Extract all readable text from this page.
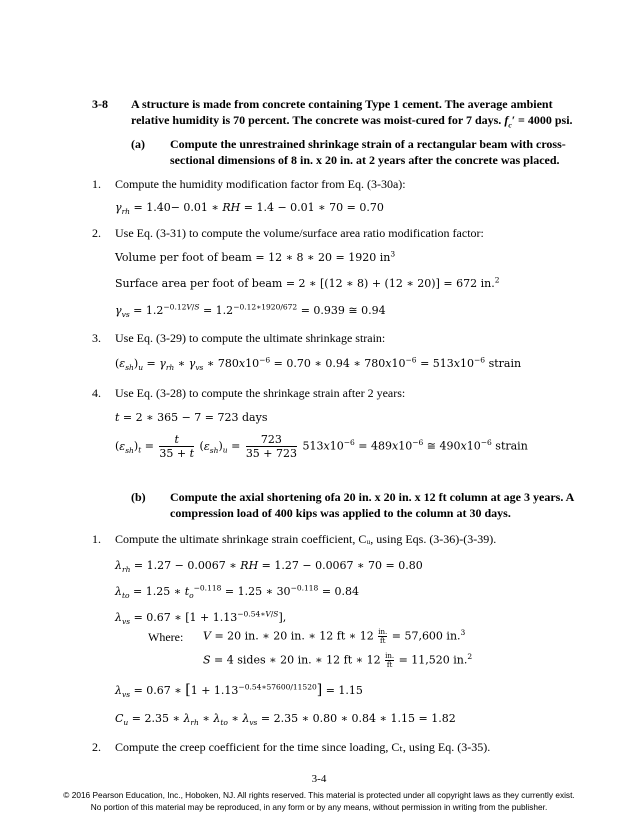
3-8 A structure is made from concrete containing Type 1 cement. The average ambient
relative humidity is 70 percent. The concrete was moist-cured for 7 days. $f_c' = 4000$ psi.
(a) Compute the unrestrained shrinkage strain of a rectangular beam with cross-
sectional dimensions of 8 in. x 20 in. at 2 years after the concrete was placed.
1. Compute the humidity modification factor from Eq. (3-30a):
$\gamma_{rh} = 1.40- 0.01$ ∗ RH = 1.4 − 0.01 ∗ 70 = 0.70
2. Use Eq. (3-31) to compute the volume/surface area ratio modification factor:
Volume per foot of beam = 12 ∗ 8 ∗ 20 = 1920 $in^3$
Surface area per foot of beam = 2 ∗ [(12 ∗ 8) + (12 ∗ 20)] = 672 in.$^2$
$\gamma_{vs} = 1.2^{-0.12V/S} = 1.2^{-0.12∗1920/672} = 0.939$ ≅ 0.94
3. Use Eq. (3-29) to compute the ultimate shrinkage strain:
$(\varepsilon_{sh})_u = \gamma_{rh}$ ∗ $\gamma_{vs}$ ∗ $780x10^{-6} = 0.70$ ∗ 0.94 ∗ $780x10^{-6} = 513x10^{-6}$ strain
4. Use Eq. (3-28) to compute the shrinkage strain after 2 years:
t = 2 ∗ 365 − 7 = 723 days
$(\varepsilon_{sh})_t = \frac{t}{35 + t} (\varepsilon_{sh})_u = \frac{723}{35 + 723} 513x10^{-6} = 489x10^{-6}$ ≅ $490x10^{-6}$ strain
(b) Compute the axial shortening ofa 20 in. x 20 in. x 12 ft column at age 3 years. A
compression load of 400 kips was applied to the column at 30 days.
1. Compute the ultimate shrinkage strain coefficient, Cᵤ, using Eqs. (3-36)-(3-39).
$\lambda_{rh} = 1.27 - 0.0067$ ∗ RH = 1.27 − 0.0067 ∗ 70 = 0.80
$\lambda_{to} = 1.25$ ∗ $t_o^{-0.118} = 1.25$ ∗ $30^{-0.118} = 0.84$
$\lambda_{vs} = 0.67$ ∗ $[1 + 1.13^{-0.54∗V/S}]$,
Where: V = 20 in. ∗ 20 in. ∗ 12 ft ∗ $12 \frac{in.}{ft} = 57,600$ in.$^3$
S = 4 sides ∗ 20 in. ∗ 12 ft ∗ $12 \frac{in.}{ft} = 11,520$ in.$^2$
$\lambda_{vs} = 0.67$ ∗ $[1 + 1.13^{-0.54∗57600/11520}] = 1.15$
$C_u = 2.35$ ∗ $\lambda_{rh}$ ∗ $\lambda_{to}$ ∗ $\lambda_{vs} = 2.35$ ∗ 0.80 ∗ 0.84 ∗ 1.15 = 1.82
2. Compute the creep coefficient for the time since loading, Cₜ, using Eq. (3-35).
3-4
© 2016 Pearson Education, Inc., Hoboken, NJ. All rights reserved. This material is protected under all copyright laws as they currently exist.
No portion of this material may be reproduced, in any form or by any means, without permission in writing from the publisher.
